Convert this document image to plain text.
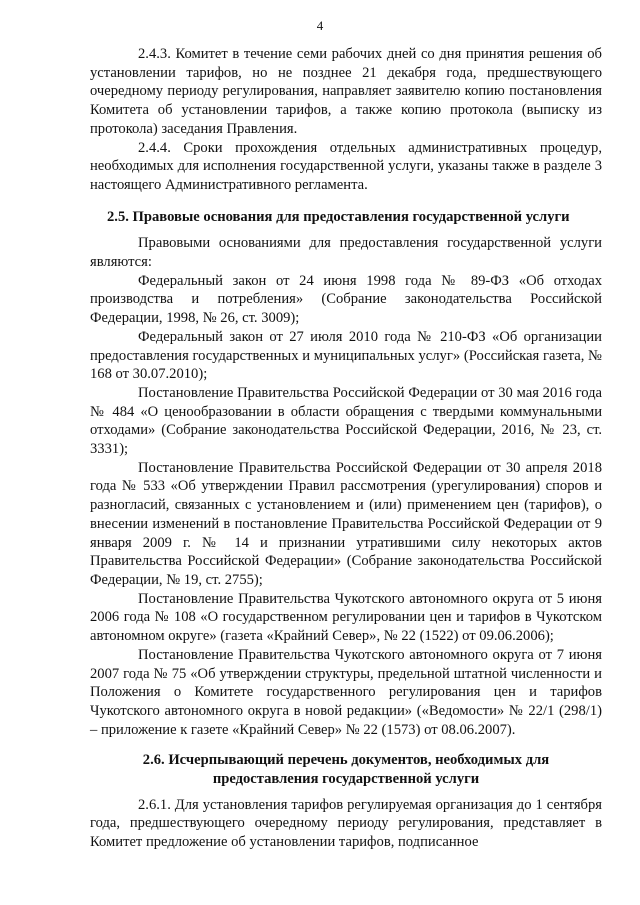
4

2.4.3. Комитет в течение семи рабочих дней со дня принятия решения об установлении тарифов, но не позднее 21 декабря года, предшествующего очередному периоду регулирования, направляет заявителю копию постановления Комитета об установлении тарифов, а также копию протокола (выписку из протокола) заседания Правления.

2.4.4. Сроки прохождения отдельных административных процедур, необходимых для исполнения государственной услуги, указаны также в разделе 3 настоящего Административного регламента.

2.5. Правовые основания для предоставления государственной услуги

Правовыми основаниями для предоставления государственной услуги являются:

Федеральный закон от 24 июня 1998 года № 89-ФЗ «Об отходах производства и потребления» (Собрание законодательства Российской Федерации, 1998, № 26, ст. 3009);

Федеральный закон от 27 июля 2010 года № 210-ФЗ «Об организации предоставления государственных и муниципальных услуг» (Российская газета, № 168 от 30.07.2010);

Постановление Правительства Российской Федерации от 30 мая 2016 года № 484 «О ценообразовании в области обращения с твердыми коммунальными отходами» (Собрание законодательства Российской Федерации, 2016, № 23, ст. 3331);

Постановление Правительства Российской Федерации от 30 апреля 2018 года № 533 «Об утверждении Правил рассмотрения (урегулирования) споров и разногласий, связанных с установлением и (или) применением цен (тарифов), о внесении изменений в постановление Правительства Российской Федерации от 9 января 2009 г. № 14 и признании утратившими силу некоторых актов Правительства Российской Федерации» (Собрание законодательства Российской Федерации, № 19, ст. 2755);

Постановление Правительства Чукотского автономного округа от 5 июня 2006 года № 108 «О государственном регулировании цен и тарифов в Чукотском автономном округе» (газета «Крайний Север», № 22 (1522) от 09.06.2006);

Постановление Правительства Чукотского автономного округа от 7 июня 2007 года № 75 «Об утверждении структуры, предельной штатной численности и Положения о Комитете государственного регулирования цен и тарифов Чукотского автономного округа в новой редакции» («Ведомости» № 22/1 (298/1) – приложение к газете «Крайний Север» № 22 (1573) от 08.06.2007).

2.6. Исчерпывающий перечень документов, необходимых для
предоставления государственной услуги

2.6.1. Для установления тарифов регулируемая организация до 1 сентября года, предшествующего очередному периоду регулирования, представляет в Комитет предложение об установлении тарифов, подписанное
